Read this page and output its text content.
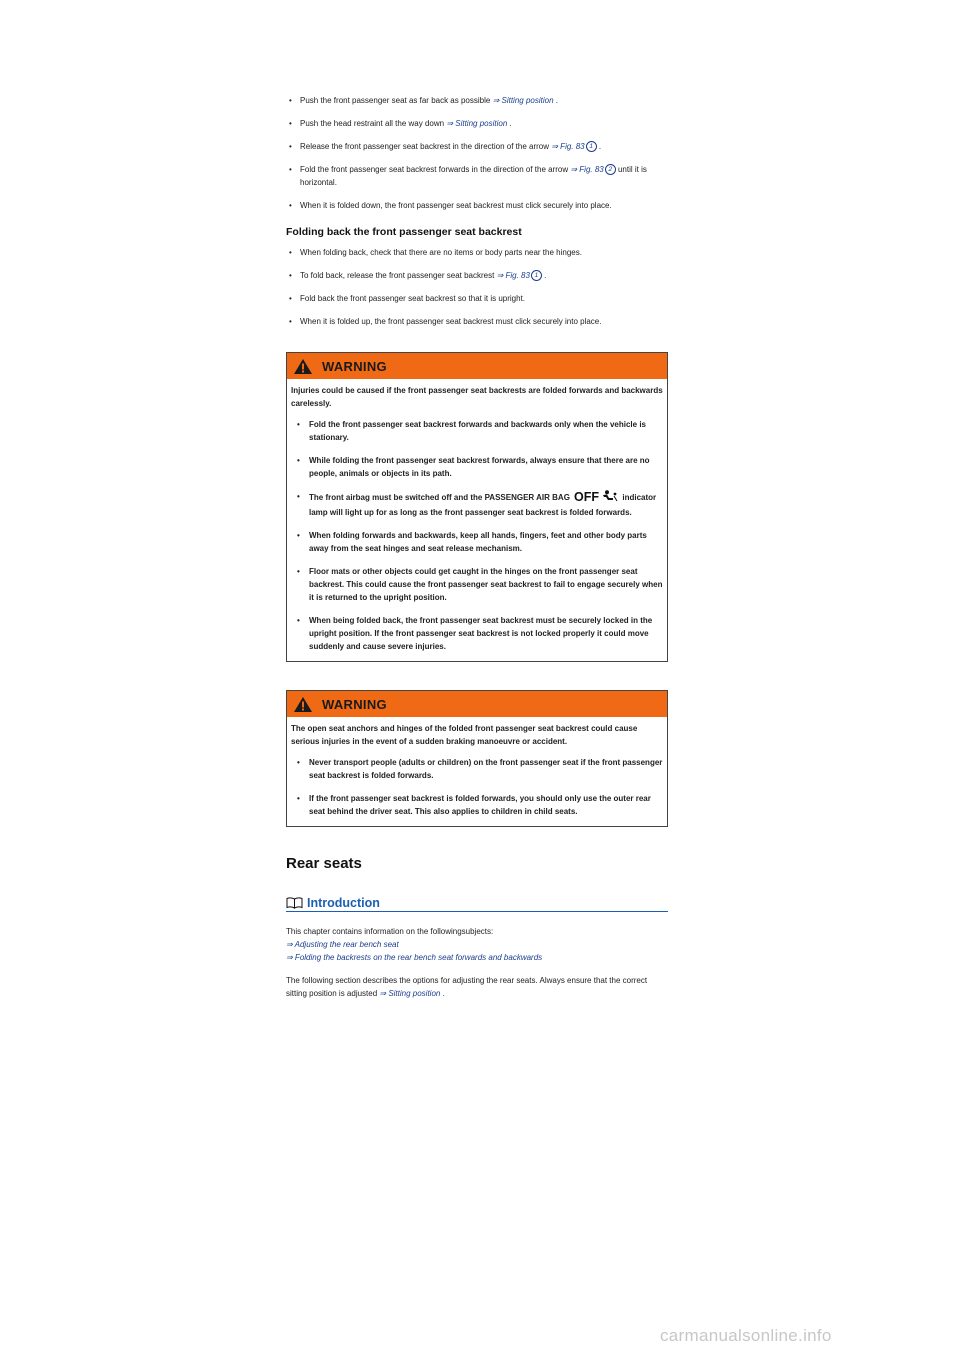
• Push the front passenger seat as far back as possible ⇒ Sitting position .
• Push the head restraint all the way down ⇒ Sitting position .
• Release the front passenger seat backrest in the direction of the arrow ⇒ Fig. 83 1 .
• Fold the front passenger seat backrest forwards in the direction of the arrow ⇒ Fig. 83 2 until it is horizontal.
• When it is folded down, the front passenger seat backrest must click securely into place.
Folding back the front passenger seat backrest
• When folding back, check that there are no items or body parts near the hinges.
• To fold back, release the front passenger seat backrest ⇒ Fig. 83 1 .
• Fold back the front passenger seat backrest so that it is upright.
• When it is folded up, the front passenger seat backrest must click securely into place.
WARNING
Injuries could be caused if the front passenger seat backrests are folded forwards and backwards carelessly.
• Fold the front passenger seat backrest forwards and backwards only when the vehicle is stationary.
• While folding the front passenger seat backrest forwards, always ensure that there are no people, animals or objects in its path.
• The front airbag must be switched off and the PASSENGER AIR BAG OFF	indicator lamp will light up for as long as the front passenger seat backrest is folded forwards.
• When folding forwards and backwards, keep all hands, fingers, feet and other body parts away from the seat hinges and seat release mechanism.
• Floor mats or other objects could get caught in the hinges on the front passenger seat backrest. This could cause the front passenger seat backrest to fail to engage securely when it is returned to the upright position.
• When being folded back, the front passenger seat backrest must be securely locked in the upright position. If the front passenger seat backrest is not locked properly it could move suddenly and cause severe injuries.
WARNING
The open seat anchors and hinges of the folded front passenger seat backrest could cause serious injuries in the event of a sudden braking manoeuvre or accident.
• Never transport people (adults or children) on the front passenger seat if the front passenger seat backrest is folded forwards.
• If the front passenger seat backrest is folded forwards, you should only use the outer rear seat behind the driver seat. This also applies to children in child seats.
Rear seats
Introduction
This chapter contains information on the followingsubjects:
⇒ Adjusting the rear bench seat
⇒ Folding the backrests on the rear bench seat forwards and backwards
The following section describes the options for adjusting the rear seats. Always ensure that the correct sitting position is adjusted ⇒ Sitting position .
carmanualsonline.info
